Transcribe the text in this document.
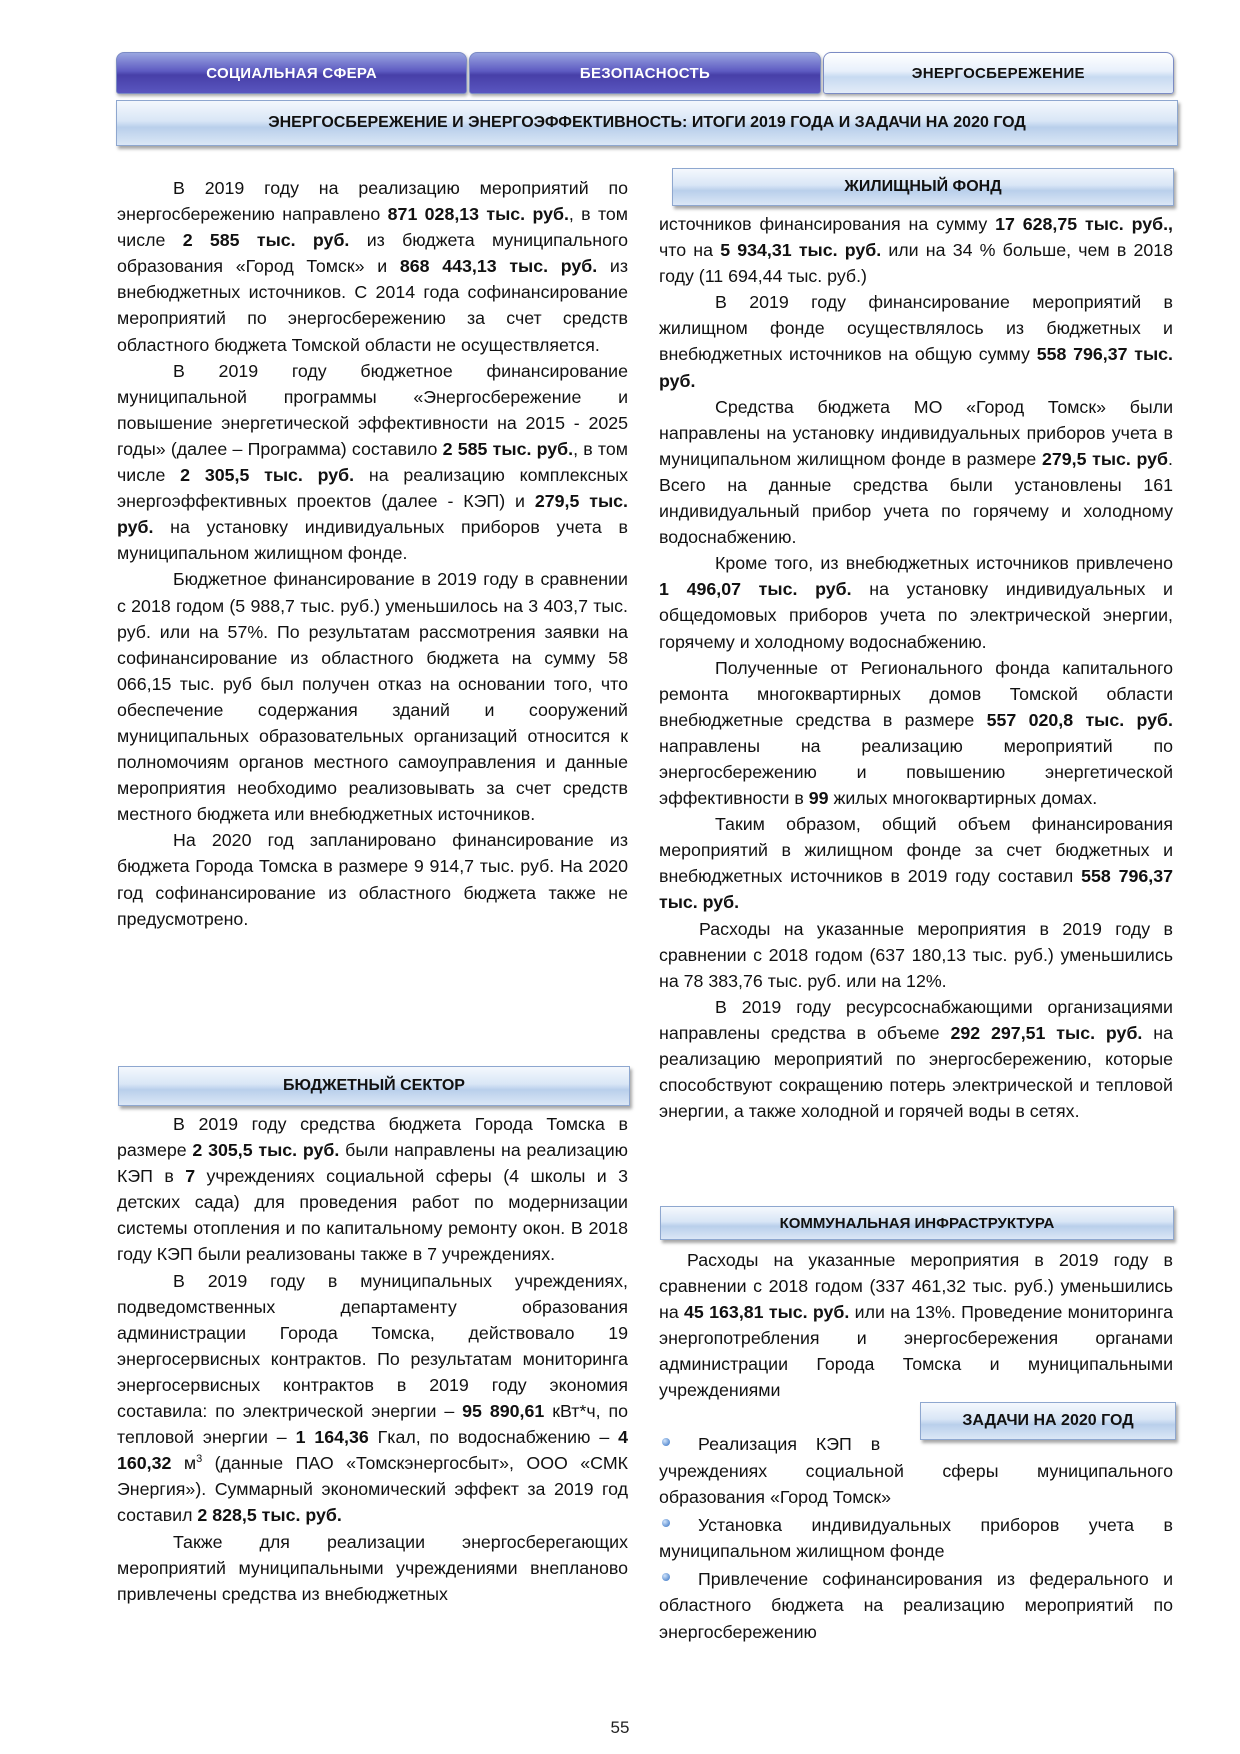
СОЦИАЛЬНАЯ СФЕРА	БЕЗОПАСНОСТЬ	ЭНЕРГОСБЕРЕЖЕНИЕ
ЭНЕРГОСБЕРЕЖЕНИЕ И ЭНЕРГОЭФФЕКТИВНОСТЬ: ИТОГИ 2019 ГОДА И ЗАДАЧИ НА 2020 ГОД

В 2019 году на реализацию мероприятий по энергосбережению направлено 871 028,13 тыс. руб., в том числе 2 585 тыс. руб. из бюджета муниципального образования «Город Томск» и 868 443,13 тыс. руб. из внебюджетных источников. С 2014 года софинансирование мероприятий по энергосбережению за счет средств областного бюджета Томской области не осуществляется.

В 2019 году бюджетное финансирование муниципальной программы «Энергосбережение и повышение энергетической эффективности на 2015 - 2025 годы» (далее – Программа) составило 2 585 тыс. руб., в том числе 2 305,5 тыс. руб. на реализацию комплексных энергоэффективных проектов (далее - КЭП) и 279,5 тыс. руб. на установку индивидуальных приборов учета в муниципальном жилищном фонде.

Бюджетное финансирование в 2019 году в сравнении с 2018 годом (5 988,7 тыс. руб.) уменьшилось на 3 403,7 тыс. руб. или на 57%. По результатам рассмотрения заявки на софинансирование из областного бюджета на сумму 58 066,15 тыс. руб был получен отказ на основании того, что обеспечение содержания зданий и сооружений муниципальных образовательных организаций относится к полномочиям органов местного самоуправления и данные мероприятия необходимо реализовывать за счет средств местного бюджета или внебюджетных источников.

На 2020 год запланировано финансирование из бюджета Города Томска в размере 9 914,7 тыс. руб. На 2020 год софинансирование из областного бюджета также не предусмотрено.

БЮДЖЕТНЫЙ СЕКТОР

В 2019 году средства бюджета Города Томска в размере 2 305,5 тыс. руб. были направлены на реализацию КЭП в 7 учреждениях социальной сферы (4 школы и 3 детских сада) для проведения работ по модернизации системы отопления и по капитальному ремонту окон. В 2018 году КЭП были реализованы также в 7 учреждениях.

В 2019 году в муниципальных учреждениях, подведомственных департаменту образования администрации Города Томска, действовало 19 энергосервисных контрактов. По результатам мониторинга энергосервисных контрактов в 2019 году экономия составила: по электрической энергии – 95 890,61 кВт*ч, по тепловой энергии – 1 164,36 Гкал, по водоснабжению – 4 160,32 $м^3$ (данные ПАО «Томскэнергосбыт», ООО «СМК Энергия»). Суммарный экономический эффект за 2019 год составил 2 828,5 тыс. руб.

Также для реализации энергосберегающих мероприятий муниципальными учреждениями внепланово привлечены средства из внебюджетных

ЖИЛИЩНЫЙ ФОНД

источников финансирования на сумму 17 628,75 тыс. руб., что на 5 934,31 тыс. руб. или на 34 % больше, чем в 2018 году (11 694,44 тыс. руб.)

В 2019 году финансирование мероприятий в жилищном фонде осуществлялось из бюджетных и внебюджетных источников на общую сумму 558 796,37 тыс. руб.

Средства бюджета МО «Город Томск» были направлены на установку индивидуальных приборов учета в муниципальном жилищном фонде в размере 279,5 тыс. руб. Всего на данные средства были установлены 161 индивидуальный прибор учета по горячему и холодному водоснабжению.

Кроме того, из внебюджетных источников привлечено 1 496,07 тыс. руб. на установку индивидуальных и общедомовых приборов учета по электрической энергии, горячему и холодному водоснабжению.

Полученные от Регионального фонда капитального ремонта многоквартирных домов Томской области внебюджетные средства в размере 557 020,8 тыс. руб. направлены на реализацию мероприятий по энергосбережению и повышению энергетической эффективности в 99 жилых многоквартирных домах.

Таким образом, общий объем финансирования мероприятий в жилищном фонде за счет бюджетных и внебюджетных источников в 2019 году составил 558 796,37 тыс. руб.

Расходы на указанные мероприятия в 2019 году в сравнении с 2018 годом (637 180,13 тыс. руб.) уменьшились на 78 383,76 тыс. руб. или на 12%.

В 2019 году ресурсоснабжающими организациями направлены средства в объеме 292 297,51 тыс. руб. на реализацию мероприятий по энергосбережению, которые способствуют сокращению потерь электрической и тепловой энергии, а также холодной и горячей воды в сетях.

КОММУНАЛЬНАЯ ИНФРАСТРУКТУРА

Расходы на указанные мероприятия в 2019 году в сравнении с 2018 годом (337 461,32 тыс. руб.) уменьшились на 45 163,81 тыс. руб. или на 13%. Проведение мониторинга энергопотребления и энергосбережения органами администрации Города Томска и муниципальными учреждениями

ЗАДАЧИ НА 2020 ГОД
Реализация КЭП в
учреждениях социальной сферы муниципального образования «Город Томск»
Установка индивидуальных приборов учета в муниципальном жилищном фонде
Привлечение софинансирования из федерального и областного бюджета на реализацию мероприятий по энергосбережению
55
